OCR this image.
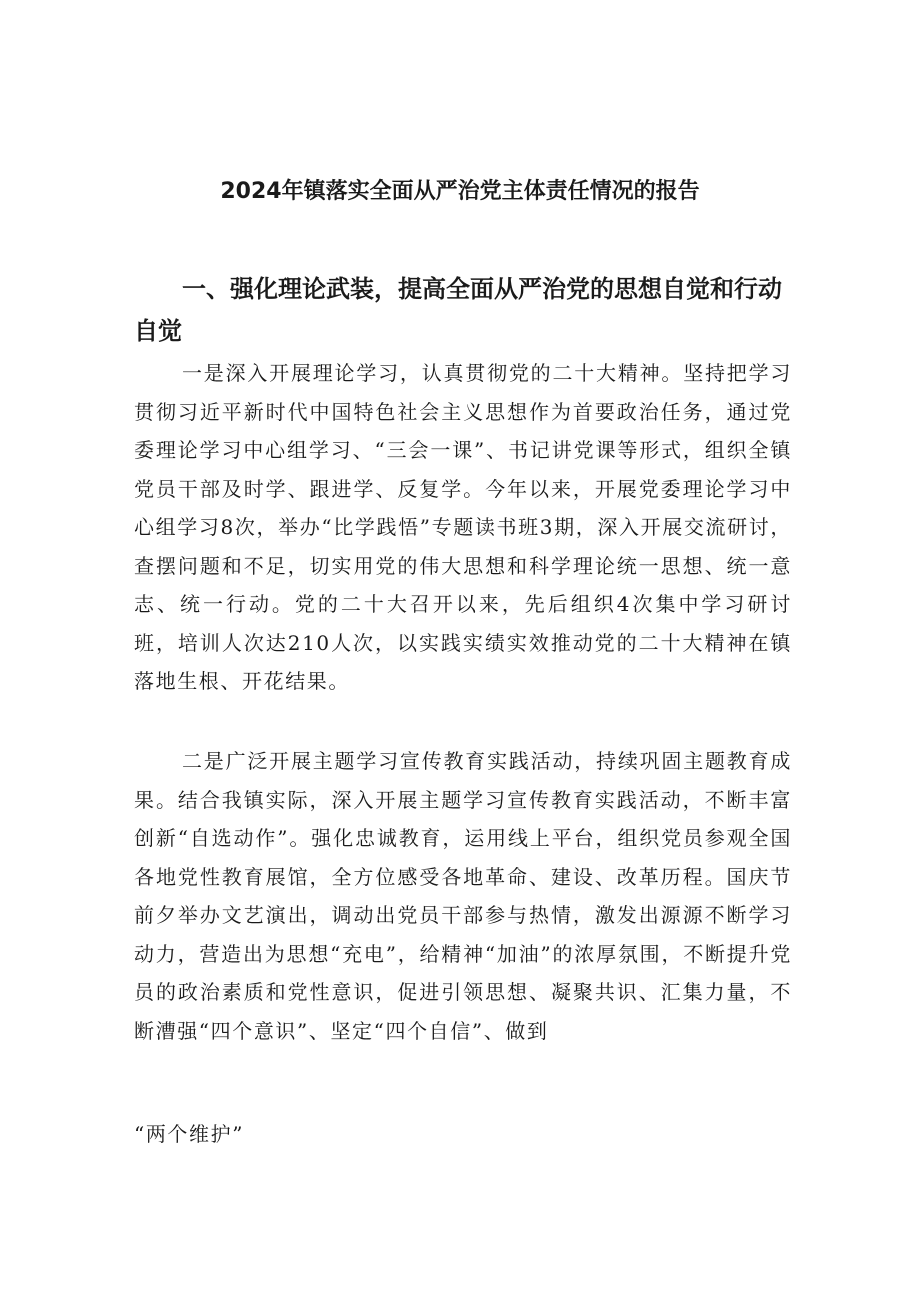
2024年镇落实全面从严治党主体责任情况的报告
一、强化理论武装，提高全面从严治党的思想自觉和行动自觉

一是深入开展理论学习，认真贯彻党的二十大精神。坚持把学习贯彻习近平新时代中国特色社会主义思想作为首要政治任务，通过党委理论学习中心组学习、“三会一课”、书记讲党课等形式，组织全镇党员干部及时学、跟进学、反复学。今年以来，开展党委理论学习中心组学习8次，举办“比学践悟”专题读书班3期，深入开展交流研讨，查摆问题和不足，切实用党的伟大思想和科学理论统一思想、统一意志、统一行动。党的二十大召开以来，先后组织4次集中学习研讨班，培训人次达210人次，以实践实绩实效推动党的二十大精神在镇落地生根、开花结果。

二是广泛开展主题学习宣传教育实践活动，持续巩固主题教育成果。结合我镇实际，深入开展主题学习宣传教育实践活动，不断丰富创新“自选动作”。强化忠诚教育，运用线上平台，组织党员参观全国各地党性教育展馆，全方位感受各地革命、建设、改革历程。国庆节前夕举办文艺演出，调动出党员干部参与热情，激发出源源不断学习动力，营造出为思想“充电”，给精神“加油”的浓厚氛围，不断提升党员的政治素质和党性意识，促进引领思想、凝聚共识、汇集力量，不断漕强“四个意识”、坚定“四个自信”、做到

“两个维护”
